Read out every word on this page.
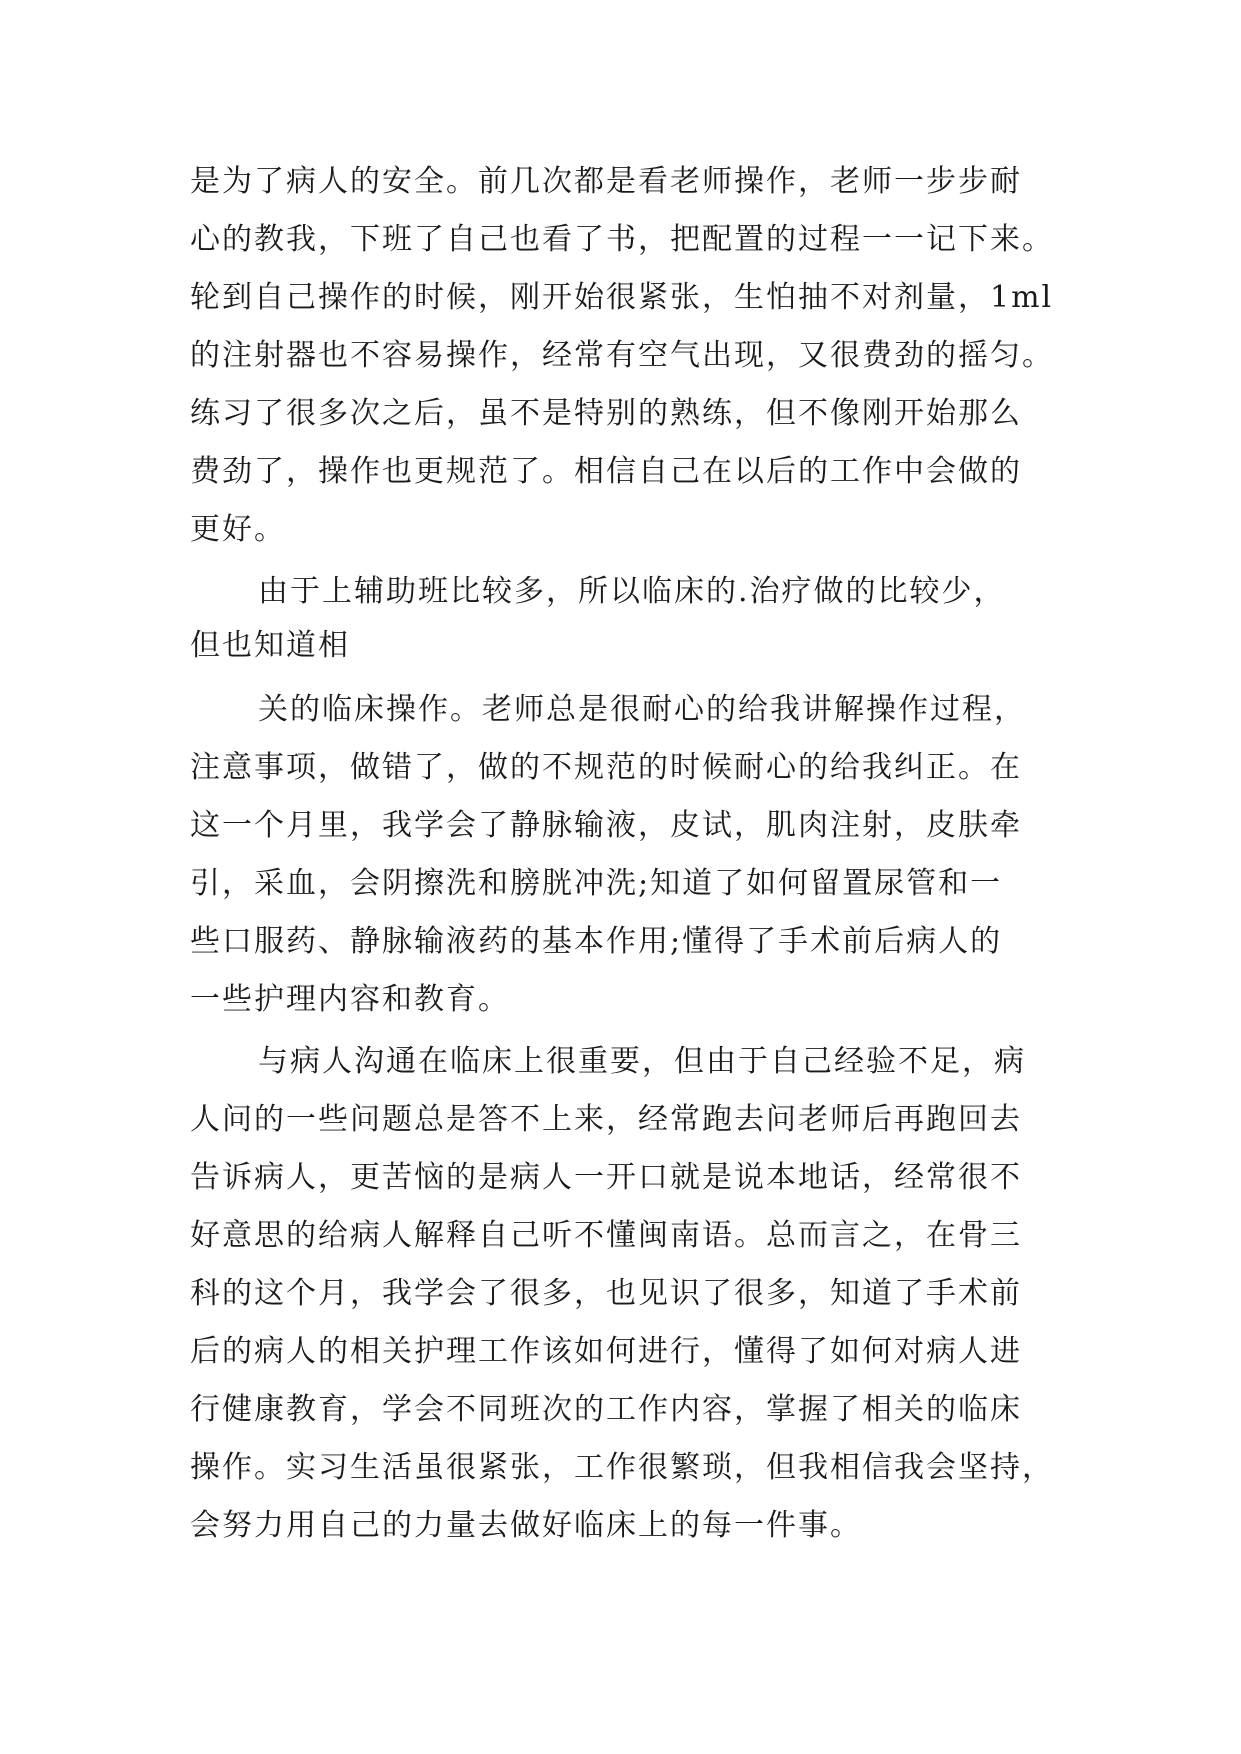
是为了病人的安全。前几次都是看老师操作，老师一步步耐

心的教我，下班了自己也看了书，把配置的过程一一记下来。

轮到自己操作的时候，刚开始很紧张，生怕抽不对剂量，1ml

的注射器也不容易操作，经常有空气出现，又很费劲的摇匀。

练习了很多次之后，虽不是特别的熟练，但不像刚开始那么

费劲了，操作也更规范了。相信自己在以后的工作中会做的

更好。

由于上辅助班比较多，所以临床的.治疗做的比较少，

但也知道相

关的临床操作。老师总是很耐心的给我讲解操作过程，

注意事项，做错了，做的不规范的时候耐心的给我纠正。在

这一个月里，我学会了静脉输液，皮试，肌肉注射，皮肤牵

引，采血，会阴擦洗和膀胱冲洗;知道了如何留置尿管和一

些口服药、静脉输液药的基本作用;懂得了手术前后病人的

一些护理内容和教育。

与病人沟通在临床上很重要，但由于自己经验不足，病

人问的一些问题总是答不上来，经常跑去问老师后再跑回去

告诉病人，更苦恼的是病人一开口就是说本地话，经常很不

好意思的给病人解释自己听不懂闽南语。总而言之，在骨三

科的这个月，我学会了很多，也见识了很多，知道了手术前

后的病人的相关护理工作该如何进行，懂得了如何对病人进

行健康教育，学会不同班次的工作内容，掌握了相关的临床

操作。实习生活虽很紧张，工作很繁琐，但我相信我会坚持，

会努力用自己的力量去做好临床上的每一件事。
